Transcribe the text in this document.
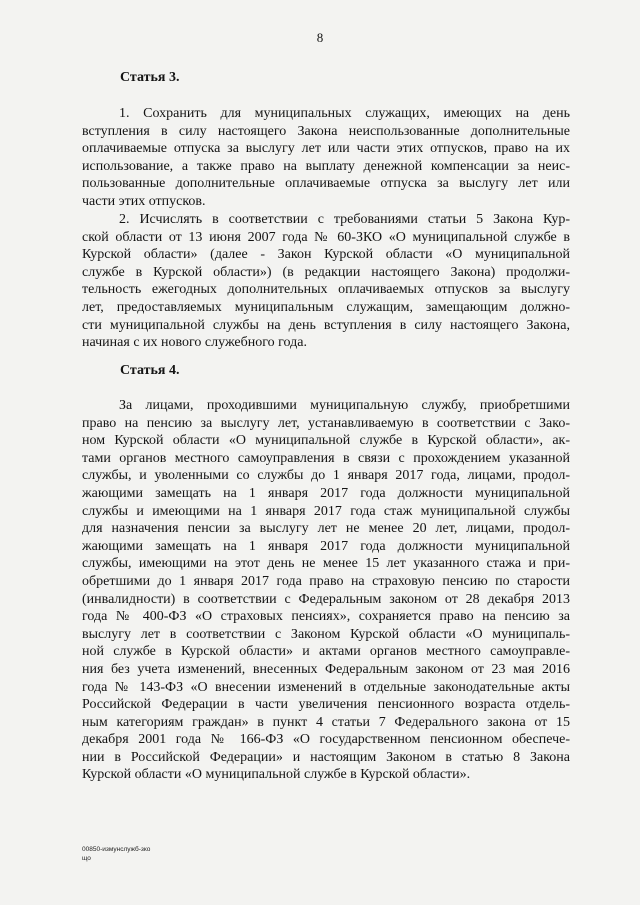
8
Статья 3.
1. Сохранить для муниципальных служащих, имеющих на день
вступления в силу настоящего Закона неиспользованные дополнительные
оплачиваемые отпуска за выслугу лет или части этих отпусков, право на их
использование, а также право на выплату денежной компенсации за неис-
пользованные дополнительные оплачиваемые отпуска за выслугу лет или
части этих отпусков.
2. Исчислять в соответствии с требованиями статьи 5 Закона Кур-
ской области от 13 июня 2007 года № 60-ЗКО «О муниципальной службе в
Курской области» (далее - Закон Курской области «О муниципальной
службе в Курской области») (в редакции настоящего Закона) продолжи-
тельность ежегодных дополнительных оплачиваемых отпусков за выслугу
лет, предоставляемых муниципальным служащим, замещающим должно-
сти муниципальной службы на день вступления в силу настоящего Закона,
начиная с их нового служебного года.
Статья 4.
За лицами, проходившими муниципальную службу, приобретшими
право на пенсию за выслугу лет, устанавливаемую в соответствии с Зако-
ном Курской области «О муниципальной службе в Курской области», ак-
тами органов местного самоуправления в связи с прохождением указанной
службы, и уволенными со службы до 1 января 2017 года, лицами, продол-
жающими замещать на 1 января 2017 года должности муниципальной
службы и имеющими на 1 января 2017 года стаж муниципальной службы
для назначения пенсии за выслугу лет не менее 20 лет, лицами, продол-
жающими замещать на 1 января 2017 года должности муниципальной
службы, имеющими на этот день не менее 15 лет указанного стажа и при-
обретшими до 1 января 2017 года право на страховую пенсию по старости
(инвалидности) в соответствии с Федеральным законом от 28 декабря 2013
года № 400-ФЗ «О страховых пенсиях», сохраняется право на пенсию за
выслугу лет в соответствии с Законом Курской области «О муниципаль-
ной службе в Курской области» и актами органов местного самоуправле-
ния без учета изменений, внесенных Федеральным законом от 23 мая 2016
года № 143-ФЗ «О внесении изменений в отдельные законодательные акты
Российской Федерации в части увеличения пенсионного возраста отдель-
ным категориям граждан» в пункт 4 статьи 7 Федерального закона от 15
декабря 2001 года № 166-ФЗ «О государственном пенсионном обеспече-
нии в Российской Федерации» и настоящим Законом в статью 8 Закона
Курской области «О муниципальной службе в Курской области».
00850-измунслужб-зко
що
